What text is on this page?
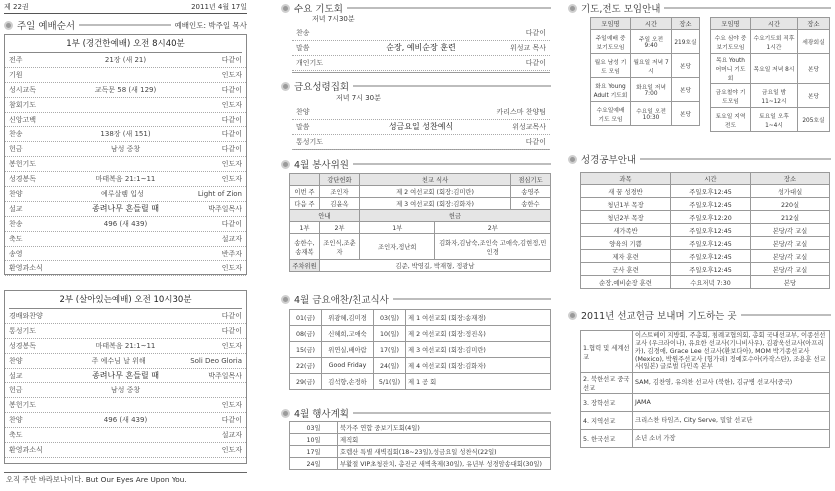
제 22권	2011년 4월 17일
주일 예배순서	예배인도: 박주일 목사
1부 (경건한예배) 오전 8시40분
전주	21장 (새 21)	다같이
기원	인도자
성시교독	교독문 58 (새 129)	다같이
참회기도	인도자
신앙고백	다같이
찬송	138장 (새 151)	다같이
헌금	남성 중창	다같이
봉헌기도	인도자
성경봉독	마태복음 21:1~11	인도자
찬양	예루살렘 입성	Light of Zion
설교	종려나무 흔들릴 때	박주일목사
찬송	496 (새 439)	다같이
축도	설교자
송영	반주자
환영과소식	인도자
2부 (살아있는예배) 오전 10시30분
경배와찬양	다같이
통성기도	다같이
성경봉독	마태복음 21:1~11	인도자
찬양	주 예수님 날 위해	Soli Deo Gloria
설교	종려나무 흔들릴 때	박주일목사
헌금	남성 중창
봉헌기도	인도자
찬양	496 (새 439)	다같이
축도	설교자
환영과소식	인도자
오직 주만 바라보나이다. But Our Eyes Are Upon You.
수요 기도회
저녁 7시30분
찬송	다같이
말씀	순장, 예비순장 훈련	위성교 목사
개인기도	다같이
금요성령집회
저녁 7시 30분
찬양	카리스마 찬양팀
말씀	성금요일 성찬예식	위성교목사
통성기도	다같이
4월 봉사위원
	강단헌화	친교 식사		점심기도
이번 주	조인자	제 2 여선교회 (회장:김미란)		송영주
다음 주	김윤옥	제 3 여선교회 (회장:김화자)		송한수
안내		헌금		
1부	2부	1부	2부	
송한수,송재복	조인식,조춘자	조인자,정난희	김화자,김남숙,조인숙 고애숙,김현정,민인경	
주차위원	김준, 박영길, 박재형, 정광남			
4월 금요애찬/친교식사
01(금)	위광혜,김미경	03(일)	제 1 여선교회 (회장:송재경)
08(금)	신혜희,고애숙	10(일)	제 2 여선교회 (회장:정진옥)
15(금)	위연실,배아람	17(일)	제 3 여선교회 (회장:김미란)
22(금)	Good Friday	24(일)	제 4 여선교회 (회장:김화자)
29(금)	김석향,손정하	5/1(일)	제 1 공 회
4월 행사계획
03일	북가주 연합 중보기도회(4일)
10일	제직회
17일	호렙산 특별 새벽집회(18~23일),성금요일 성찬식(22일)
24일	부활절 VIP초청잔치, 총진군 새벽축제(30일), 유년부 성경암송대회(30일)
기도,전도 모임안내
모임명	시간	장소
주일예배 중보기도모임	주일 오전 9:40	219호실
월요 남성 기도 모임	월요일 저녁 7시	본당
화요 Young Adult 기도회	화요일 저녁7:00	본당
수요일예배 기도 모임	수요일 오전 10:30	본당
모임명	시간	장소
수요 심야 중보기도모임	수요기도회 직후 1시간	세광회실
목요 Youth 어머니 기도회	목요일 저녁 8시	본당
금요철야 기도모임	금요일 밤 11~12시	본당
토요일 지역전도	토요일 오후 1~4시	205호실
성경공부안내
과목	시간	장소
새 꿈 성경반	주일오후12:45	성가대실
청년1부 목장	주일오후12:45	220실
청년2부 목장	주일오후12:20	212실
새가족반	주일오후12:45	본당/각 교실
양육의 기쁨	주일오후12:45	본당/각 교실
제자 훈련	주일오후12:45	본당/각 교실
군사 훈련	주일오후12:45	본당/각 교실
순장,예비순장 훈련	수요저녁 7:30	본당
2011년 선교헌금 보내며 기도하는 곳
1.협력 및 세계선교	이스트베이 지방회, 주총회, 침례교협의회, 총회 국내선교부, 이종선선교사 (우크라이나), 유요한 선교사(기니비사우), 김광욱선교사(아프리카), 김경애, Grace Lee 선교사(환보다아), MOM 박기종선교사 (Mexico), 박원주선교사 (헝가리) 정예호수아(카작스탄), 조용훈 선교사(일본) 글로벌 다민족 본부
2. 북한선교 중국선교	SAM, 김찬영, 유의찬 선교사 (북한), 김규병 선교사(중국)
3. 장학선교	JAMA
4. 지역선교	크리스찬 타임즈, City Serve, 밀알 선교단
5. 한국선교	소년 소녀 가장
